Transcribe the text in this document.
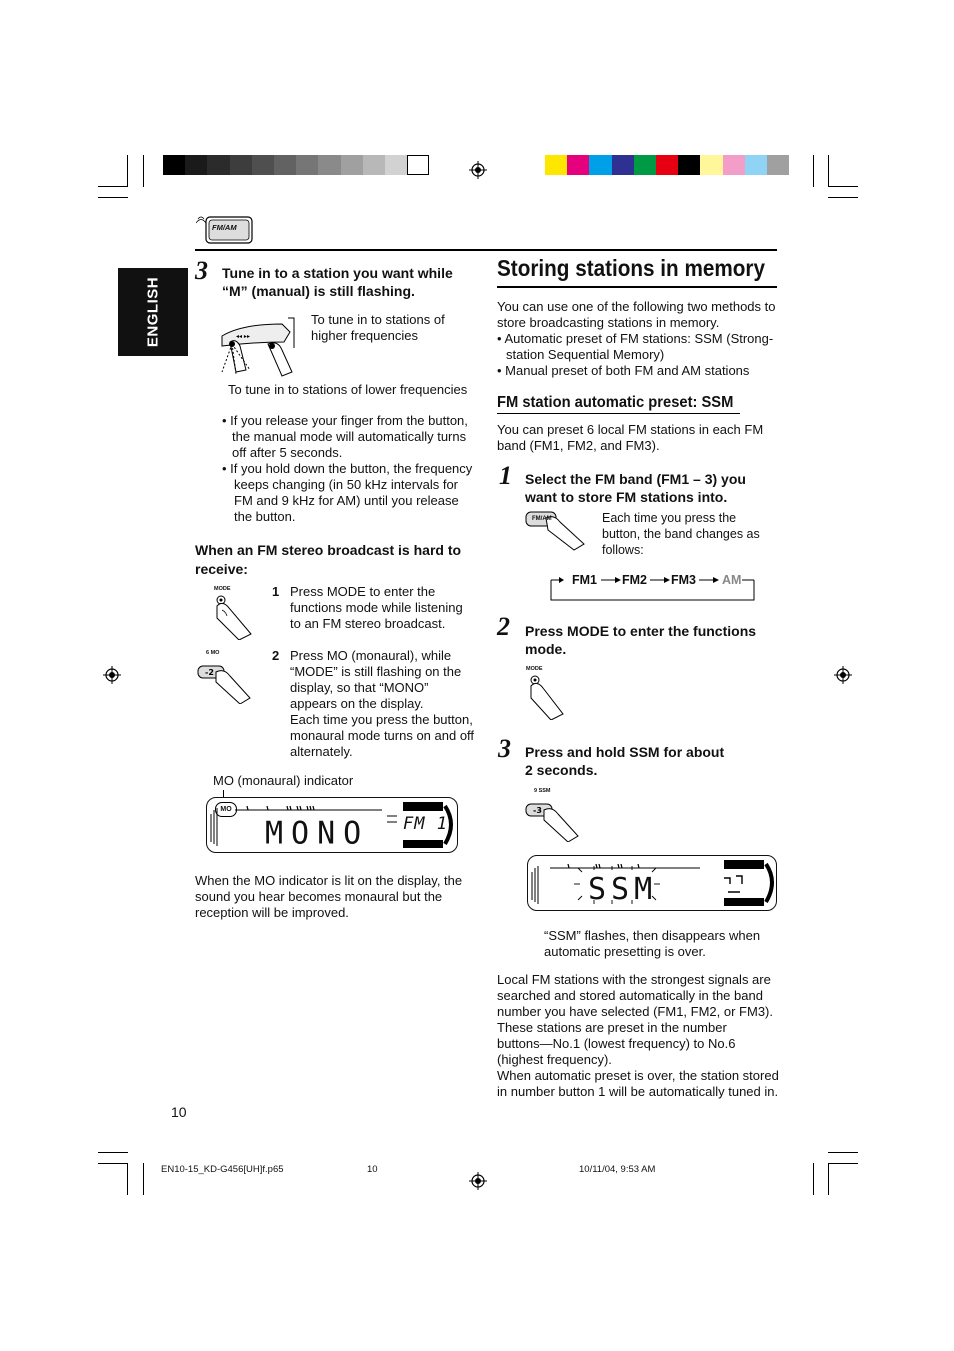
FM/AM
ENGLISH
3 Tune in to a station you want while
“M” (manual) is still flashing.
◂◂ ▸▸
To tune in to stations of
higher frequencies
To tune in to stations of lower frequencies
• If you release your finger from the button,
the manual mode will automatically turns
off after 5 seconds.
• If you hold down the button, the frequency
keeps changing (in 50 kHz intervals for
FM and 9 kHz for AM) until you release
the button.
When an FM stereo broadcast is hard to
receive:
MODE	1 Press MODE to enter the
functions mode while listening
to an FM stereo broadcast.
6 MO
-2
2 Press MO (monaural), while
“MODE” is still flashing on the
display, so that “MONO”
appears on the display.
Each time you press the button,
monaural mode turns on and off
alternately.
MO (monaural) indicator
MO
MONO FM 1
When the MO indicator is lit on the display, the
sound you hear becomes monaural but the
reception will be improved.
Storing stations in memory
You can use one of the following two methods to
store broadcasting stations in memory.
• Automatic preset of FM stations: SSM (Strong-
station Sequential Memory)
• Manual preset of both FM and AM stations
FM station automatic preset: SSM
You can preset 6 local FM stations in each FM
band (FM1, FM2, and FM3).
1 Select the FM band (FM1 – 3) you
want to store FM stations into.
FM/AM	Each time you press the
button, the band changes as
follows:
FM1 FM2 FM3 AM
2 Press MODE to enter the functions
mode.
MODE
3 Press and hold SSM for about
2 seconds.
9 SSM
-3
SSM
“SSM” flashes, then disappears when
automatic presetting is over.
Local FM stations with the strongest signals are
searched and stored automatically in the band
number you have selected (FM1, FM2, or FM3).
These stations are preset in the number
buttons—No.1 (lowest frequency) to No.6
(highest frequency).
When automatic preset is over, the station stored
in number button 1 will be automatically tuned in.
10
EN10-15_KD-G456[UH]f.p65	10	10/11/04, 9:53 AM
